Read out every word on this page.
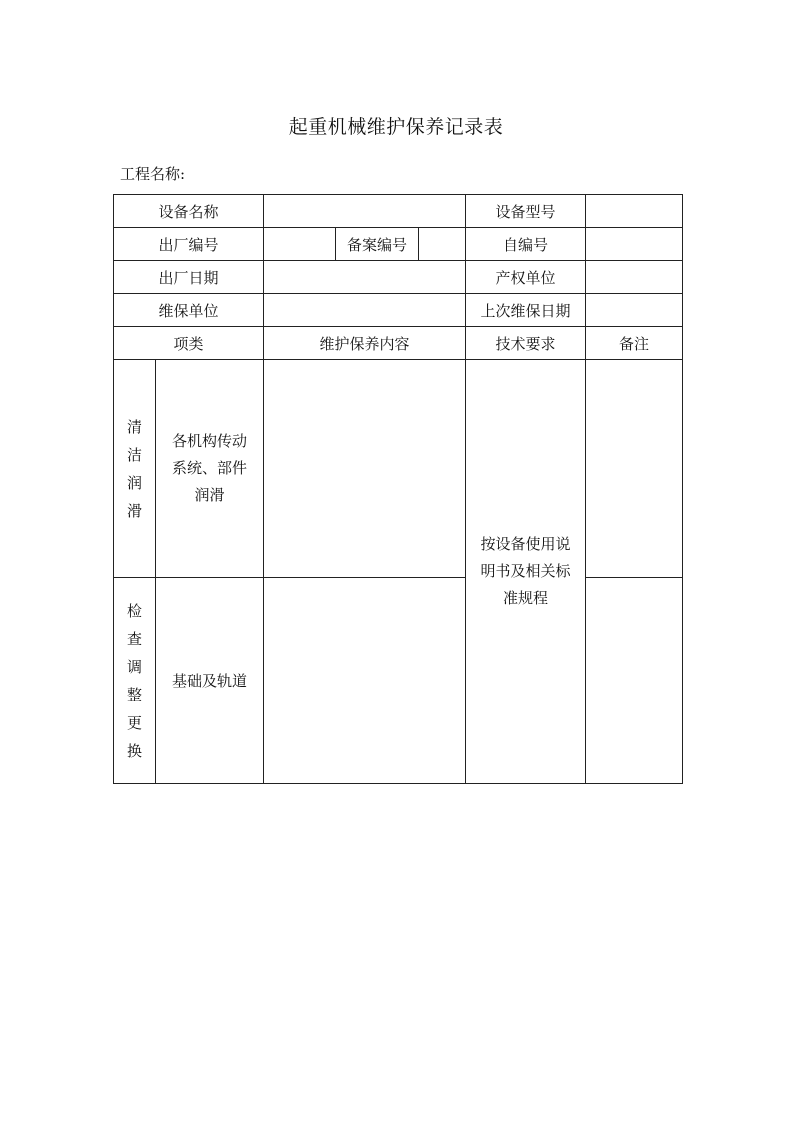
起重机械维护保养记录表
工程名称:
设备名称					设备型号	
出厂编号			备案编号		自编号	
出厂日期					产权单位	
维保单位					上次维保日期	
项类		维护保养内容			技术要求	备注
清洁润滑	各机构传动系统、部件润滑				按设备使用说明书及相关标准规程	
检查调整更换	基础及轨道					
